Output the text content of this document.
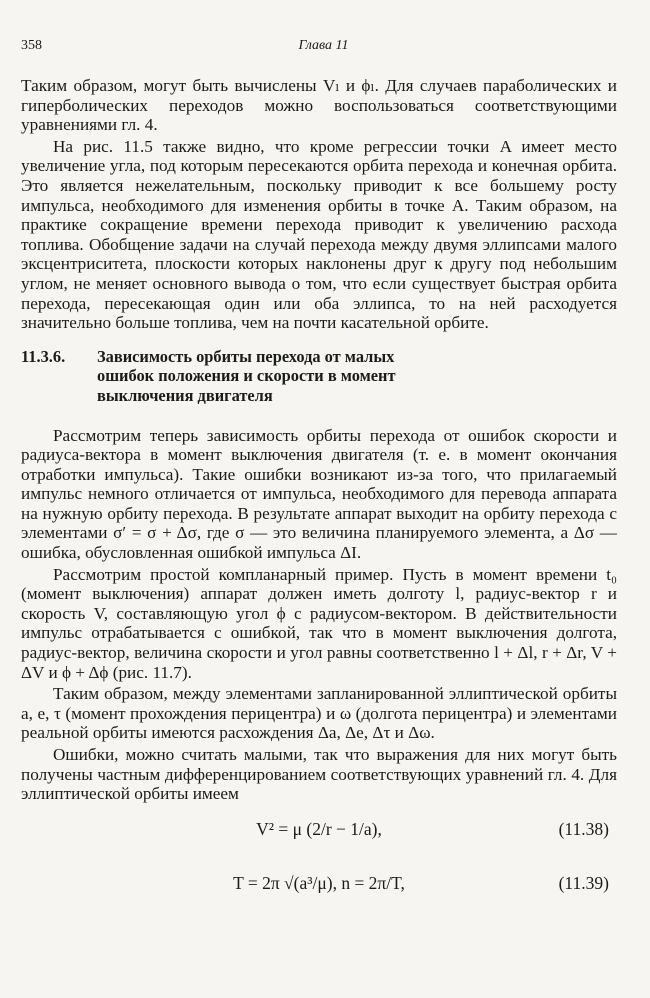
358	Глава 11

Таким образом, могут быть вычислены Vₗ и ϕₗ. Для случаев параболических и гиперболических переходов можно воспользоваться соответствующими уравнениями гл. 4.

На рис. 11.5 также видно, что кроме регрессии точки A имеет место увеличение угла, под которым пересекаются орбита перехода и конечная орбита. Это является нежелательным, поскольку приводит к все большему росту импульса, необходимого для изменения орбиты в точке A. Таким образом, на практике сокращение времени перехода приводит к увеличению расхода топлива. Обобщение задачи на случай перехода между двумя эллипсами малого эксцентриситета, плоскости которых наклонены друг к другу под небольшим углом, не меняет основного вывода о том, что если существует быстрая орбита перехода, пересекающая один или оба эллипса, то на ней расходуется значительно больше топлива, чем на почти касательной орбите.

11.3.6.	Зависимость орбиты перехода от малых ошибок положения и скорости в момент выключения двигателя

Рассмотрим теперь зависимость орбиты перехода от ошибок скорости и радиуса-вектора в момент выключения двигателя (т. е. в момент окончания отработки импульса). Такие ошибки возникают из-за того, что прилагаемый импульс немного отличается от импульса, необходимого для перевода аппарата на нужную орбиту перехода. В результате аппарат выходит на орбиту перехода с элементами σ′ = σ + Δσ, где σ — это величина планируемого элемента, а Δσ — ошибка, обусловленная ошибкой импульса ΔI.

Рассмотрим простой компланарный пример. Пусть в момент времени t₀ (момент выключения) аппарат должен иметь долготу l, радиус-вектор r и скорость V, составляющую угол ϕ с радиусом-вектором. В действительности импульс отрабатывается с ошибкой, так что в момент выключения долгота, радиус-вектор, величина скорости и угол равны соответственно l + Δl, r + Δr, V + ΔV и ϕ + Δϕ (рис. 11.7).

Таким образом, между элементами запланированной эллиптической орбиты a, e, τ (момент прохождения перицентра) и ω (долгота перицентра) и элементами реальной орбиты имеются расхождения Δa, Δe, Δτ и Δω.

Ошибки, можно считать малыми, так что выражения для них могут быть получены частным дифференцированием соответствующих уравнений гл. 4. Для эллиптической орбиты имеем

V² = μ (2/r − 1/a),	(11.38)
T = 2π √(a³/μ), n = 2π/T,	(11.39)
